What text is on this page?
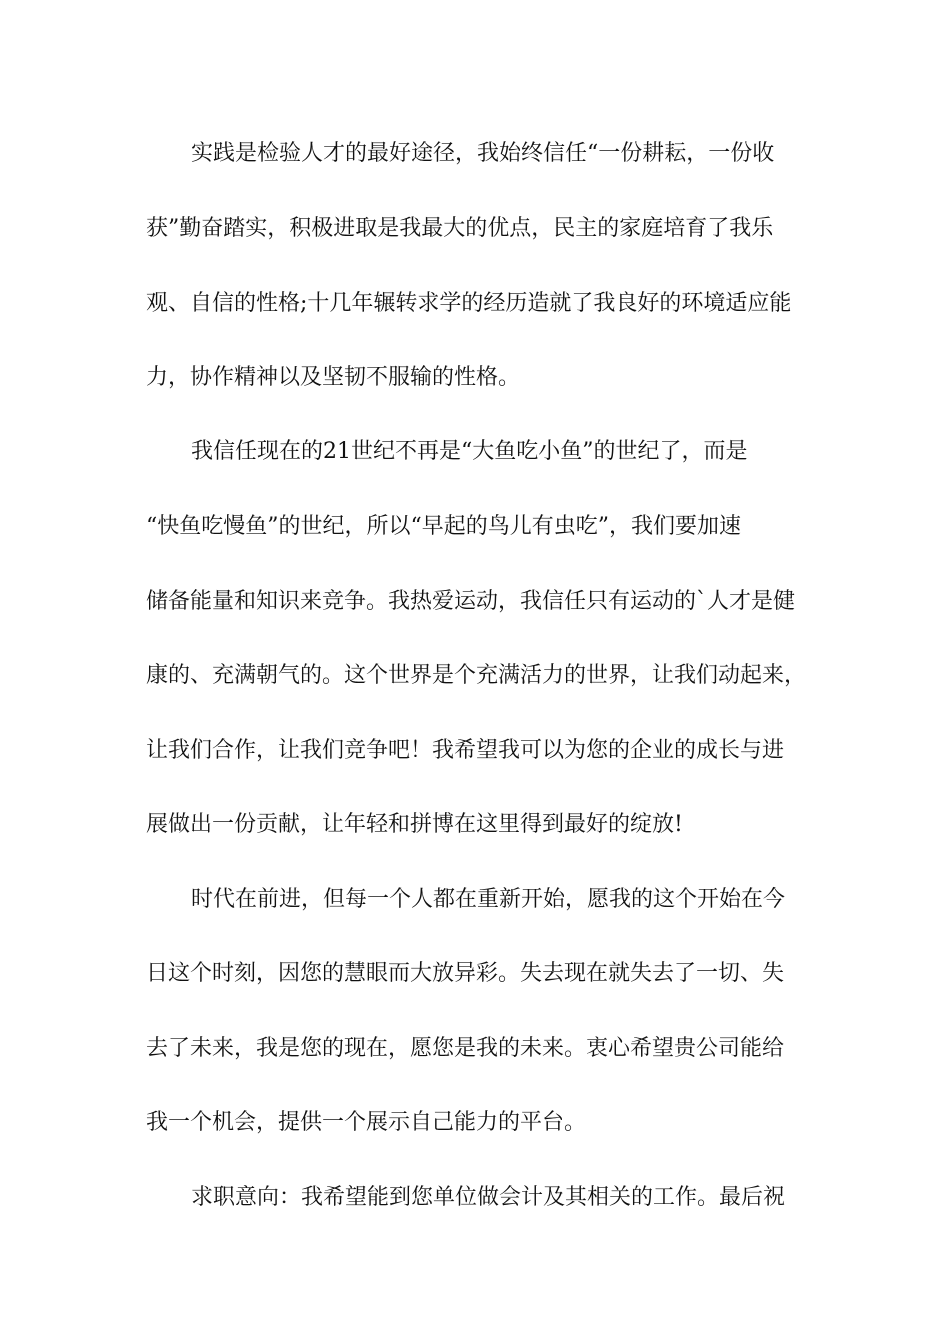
实践是检验人才的最好途径，我始终信任“一份耕耘，一份收

获”勤奋踏实，积极进取是我最大的优点，民主的家庭培育了我乐

观、自信的性格;十几年辗转求学的经历造就了我良好的环境适应能

力，协作精神以及坚韧不服输的性格。

我信任现在的21世纪不再是“大鱼吃小鱼”的世纪了，而是

“快鱼吃慢鱼”的世纪，所以“早起的鸟儿有虫吃”，我们要加速

储备能量和知识来竞争。我热爱运动，我信任只有运动的`人才是健

康的、充满朝气的。这个世界是个充满活力的世界，让我们动起来，

让我们合作，让我们竞争吧！我希望我可以为您的企业的成长与进

展做出一份贡献，让年轻和拼博在这里得到最好的绽放!

时代在前进，但每一个人都在重新开始，愿我的这个开始在今

日这个时刻，因您的慧眼而大放异彩。失去现在就失去了一切、失

去了未来，我是您的现在，愿您是我的未来。衷心希望贵公司能给

我一个机会，提供一个展示自己能力的平台。

求职意向：我希望能到您单位做会计及其相关的工作。最后祝
